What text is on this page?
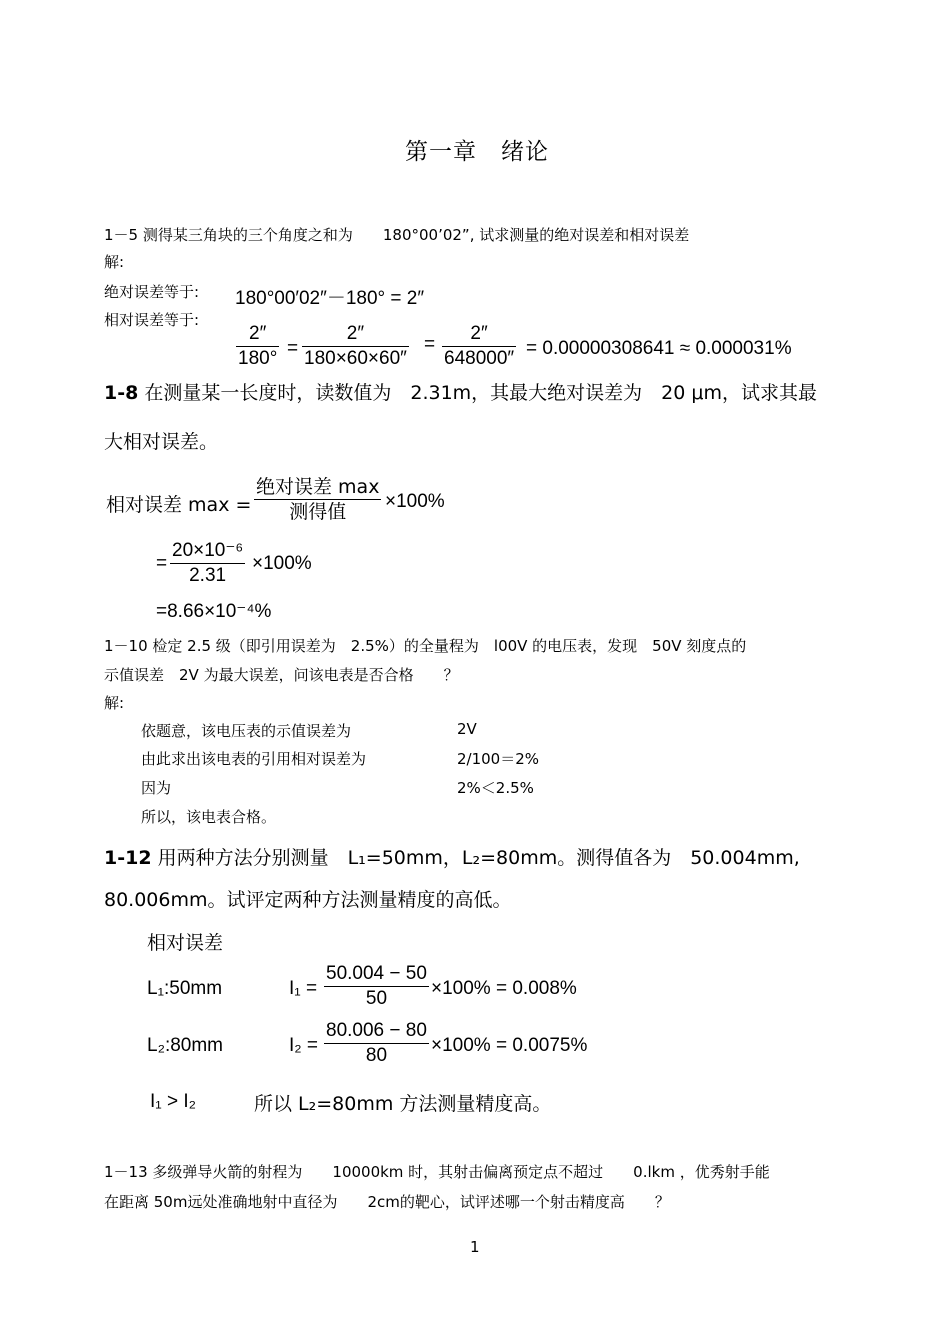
第一章　绪论
1－5 测得某三角块的三个角度之和为　　180°00’02”, 试求测量的绝对误差和相对误差
解:
绝对误差等于: 180°00′02″－180° = 2″
相对误差等于:
2″
180° =
2″
180×60×60″
=
2″
648000″ = 0.00000308641 ≈ 0.000031%
1-8 在测量某一长度时，读数值为　2.31m，其最大绝对误差为　20 μm，试求其最
大相对误差。
相对误差 max =
绝对误差 max
测得值 ×100%
=
20×10⁻⁶
2.31
×100%
=8.66×10⁻⁴%
1－10 检定 2.5 级（即引用误差为　2.5%）的全量程为　l00V 的电压表，发现　50V 刻度点的
示值误差　2V 为最大误差，问该电表是否合格　　？
解:
依题意，该电压表的示值误差为	2V
由此求出该电表的引用相对误差为	2/100＝2%
因为	2%＜2.5%
所以，该电表合格。
1-12 用两种方法分别测量　L₁=50mm，L₂=80mm。测得值各为　50.004mm,
80.006mm。试评定两种方法测量精度的高低。
相对误差
L₁:50mm	I₁ =
50.004 − 50
50 ×100% = 0.008%
L₂:80mm	I₂ =
80.006 − 80
80 ×100% = 0.0075%
I₁ > I₂	所以 L₂=80mm 方法测量精度高。
1－13 多级弹导火箭的射程为　　10000km 时，其射击偏离预定点不超过　　0.lkm ，优秀射手能
在距离 50m远处准确地射中直径为　　2cm的靶心，试评述哪一个射击精度高　　？
1
